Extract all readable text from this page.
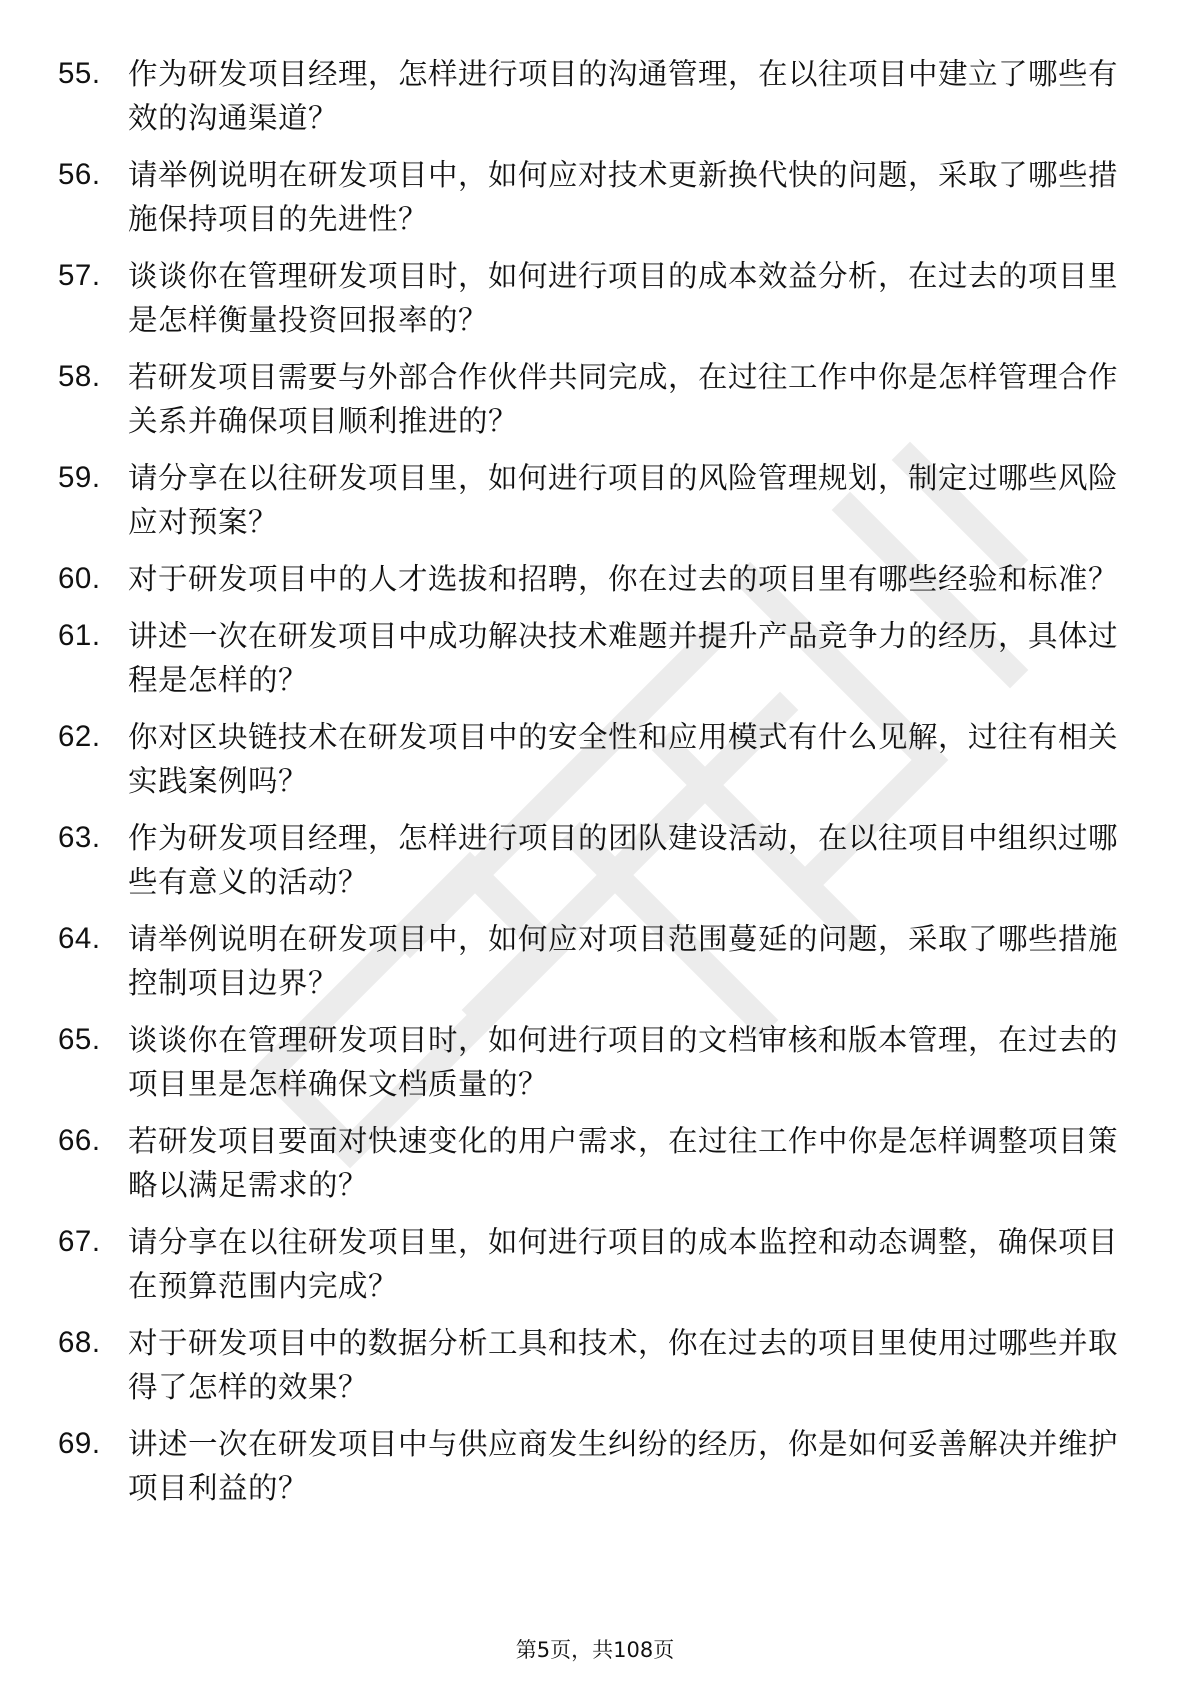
55. 作为研发项目经理，怎样进行项目的沟通管理，在以往项目中建立了哪些有效的沟通渠道？
56. 请举例说明在研发项目中，如何应对技术更新换代快的问题，采取了哪些措施保持项目的先进性？
57. 谈谈你在管理研发项目时，如何进行项目的成本效益分析，在过去的项目里是怎样衡量投资回报率的？
58. 若研发项目需要与外部合作伙伴共同完成，在过往工作中你是怎样管理合作关系并确保项目顺利推进的？
59. 请分享在以往研发项目里，如何进行项目的风险管理规划，制定过哪些风险应对预案？
60. 对于研发项目中的人才选拔和招聘，你在过去的项目里有哪些经验和标准？
61. 讲述一次在研发项目中成功解决技术难题并提升产品竞争力的经历，具体过程是怎样的？
62. 你对区块链技术在研发项目中的安全性和应用模式有什么见解，过往有相关实践案例吗？
63. 作为研发项目经理，怎样进行项目的团队建设活动，在以往项目中组织过哪些有意义的活动？
64. 请举例说明在研发项目中，如何应对项目范围蔓延的问题，采取了哪些措施控制项目边界？
65. 谈谈你在管理研发项目时，如何进行项目的文档审核和版本管理，在过去的项目里是怎样确保文档质量的？
66. 若研发项目要面对快速变化的用户需求，在过往工作中你是怎样调整项目策略以满足需求的？
67. 请分享在以往研发项目里，如何进行项目的成本监控和动态调整，确保项目在预算范围内完成？
68. 对于研发项目中的数据分析工具和技术，你在过去的项目里使用过哪些并取得了怎样的效果？
69. 讲述一次在研发项目中与供应商发生纠纷的经历，你是如何妥善解决并维护项目利益的？
第5页，共108页
